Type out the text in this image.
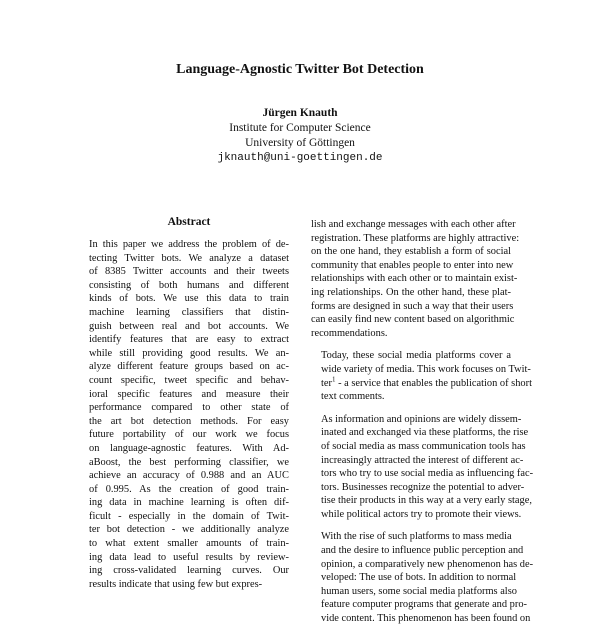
Language-Agnostic Twitter Bot Detection
Jürgen Knauth
Institute for Computer Science
University of Göttingen
jknauth@uni-goettingen.de
Abstract
In this paper we address the problem of de-
tecting Twitter bots. We analyze a dataset
of 8385 Twitter accounts and their tweets
consisting of both humans and different
kinds of bots. We use this data to train
machine learning classifiers that distin-
guish between real and bot accounts. We
identify features that are easy to extract
while still providing good results. We an-
alyze different feature groups based on ac-
count specific, tweet specific and behav-
ioral specific features and measure their
performance compared to other state of
the art bot detection methods. For easy
future portability of our work we focus
on language-agnostic features. With Ad-
aBoost, the best performing classifier, we
achieve an accuracy of 0.988 and an AUC
of 0.995. As the creation of good train-
ing data in machine learning is often dif-
ficult - especially in the domain of Twit-
ter bot detection - we additionally analyze
to what extent smaller amounts of train-
ing data lead to useful results by review-
ing cross-validated learning curves. Our
results indicate that using few but expres-

lish and exchange messages with each other after
registration. These platforms are highly attractive:
on the one hand, they establish a form of social
community that enables people to enter into new
relationships with each other or to maintain exist-
ing relationships. On the other hand, these plat-
forms are designed in such a way that their users
can easily find new content based on algorithmic
recommendations.

Today, these social media platforms cover a
wide variety of media. This work focuses on Twit-
ter$^1$ - a service that enables the publication of short
text comments.

As information and opinions are widely dissem-
inated and exchanged via these platforms, the rise
of social media as mass communication tools has
increasingly attracted the interest of different ac-
tors who try to use social media as influencing fac-
tors. Businesses recognize the potential to adver-
tise their products in this way at a very early stage,
while political actors try to promote their views.

With the rise of such platforms to mass media
and the desire to influence public perception and
opinion, a comparatively new phenomenon has de-
veloped: The use of bots. In addition to normal
human users, some social media platforms also
feature computer programs that generate and pro-
vide content. This phenomenon has been found on
